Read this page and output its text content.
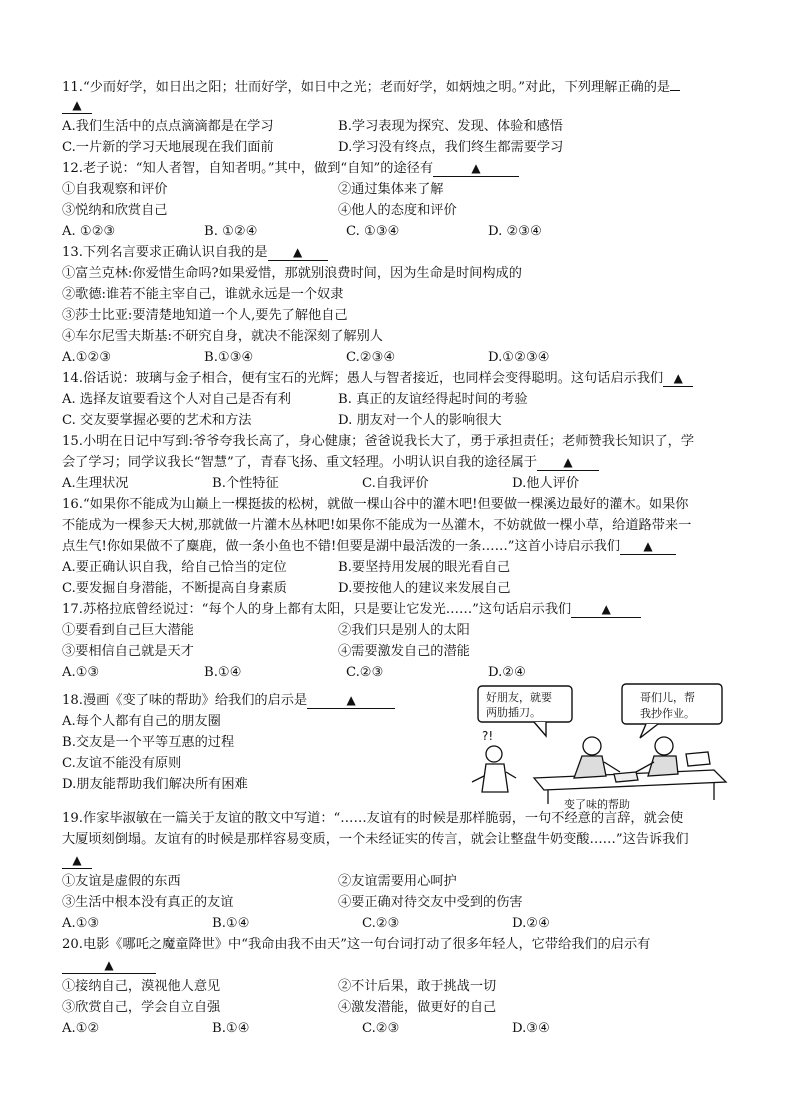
11.“少而好学，如日出之阳；壮而好学，如日中之光；老而好学，如炳烛之明。”对此，下列理解正确的是
▲
A.我们生活中的点点滴滴都是在学习	B.学习表现为探究、发现、体验和感悟
C.一片新的学习天地展现在我们面前	D.学习没有终点，我们终生都需要学习
12.老子说：“知人者智，自知者明。”其中，做到“自知”的途径有	▲
①自我观察和评价	②通过集体来了解
③悦纳和欣赏自己	④他人的态度和评价
A. ①②③	B. ①②④	C. ①③④	D. ②③④
13.下列名言要求正确认识自我的是 ▲
①富兰克林:你爱惜生命吗?如果爱惜，那就别浪费时间，因为生命是时间构成的
②歌德:谁若不能主宰自己，谁就永远是一个奴隶
③莎士比亚:要清楚地知道一个人,要先了解他自己
④车尔尼雪夫斯基:不研究自身，就决不能深刻了解别人
A.①②③	B.①③④	C.②③④	D.①②③④
14.俗话说：玻璃与金子相合，便有宝石的光辉；愚人与智者接近，也同样会变得聪明。这句话启示我们 ▲
A. 选择友谊要看这个人对自己是否有利	B. 真正的友谊经得起时间的考验
C. 交友要掌握必要的艺术和方法	D. 朋友对一个人的影响很大
15.小明在日记中写到:爷爷夸我长高了，身心健康；爸爸说我长大了，勇于承担责任；老师赞我长知识了，学
会了学习；同学议我长“智慧”了，青春飞扬、重文轻理。小明认识自我的途径属于 ▲
A.生理状况	B.个性特征	C.自我评价	D.他人评价
16.“如果你不能成为山巅上一棵挺拔的松树，就做一棵山谷中的灌木吧!但要做一棵溪边最好的灌木。如果你
不能成为一棵参天大树,那就做一片灌木丛林吧!如果你不能成为一丛灌木，不妨就做一棵小草，给道路带来一
点生气!你如果做不了麋鹿，做一条小鱼也不错!但要是湖中最活泼的一条……”这首小诗启示我们 ▲
A.要正确认识自我，给自己恰当的定位	B.要坚持用发展的眼光看自己
C.要发掘自身潜能，不断提高自身素质	D.要按他人的建议来发展自己
17.苏格拉底曾经说过：“每个人的身上都有太阳，只是要让它发光……”这句话启示我们	▲
①要看到自己巨大潜能	②我们只是别人的太阳
③要相信自己就是天才	④需要激发自己的潜能
A.①③	B.①④	C.②③	D.②④
18.漫画《变了味的帮助》给我们的启示是	▲
A.每个人都有自己的朋友圈
B.交友是一个平等互惠的过程
C.友谊不能没有原则
D.朋友能帮助我们解决所有困难
好朋友，就要
两肋插刀。
哥们儿，帮
我抄作业。
?!
变了味的帮助
19.作家毕淑敏在一篇关于友谊的散文中写道：“……友谊有的时候是那样脆弱，一句不经意的言辞，就会使
大厦顷刻倒塌。友谊有的时候是那样容易变质，一个未经证实的传言，就会让整盘牛奶变酸……”这告诉我们
▲
①友谊是虚假的东西	②友谊需要用心呵护
③生活中根本没有真正的友谊	④要正确对待交友中受到的伤害
A.①③	B.①④	C.②③	D.②④
20.电影《哪吒之魔童降世》中“我命由我不由天”这一句台词打动了很多年轻人，它带给我们的启示有
▲
①接纳自己，漠视他人意见	②不计后果，敢于挑战一切
③欣赏自己，学会自立自强	④激发潜能，做更好的自己
A.①②	B.①④	C.②③	D.③④
